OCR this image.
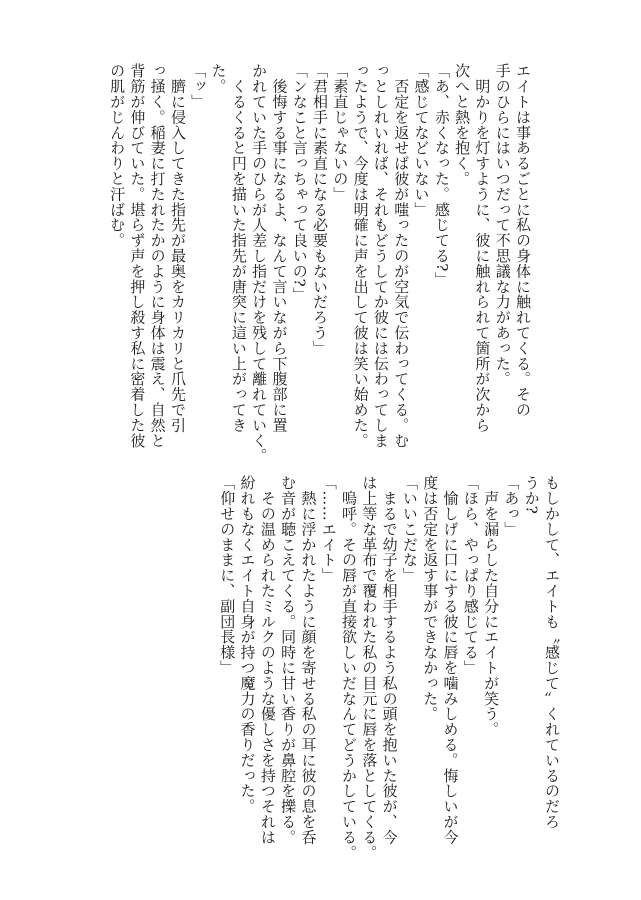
エイトは事あるごとに私の身体に触れてくる。その
手のひらにはいつだって不思議な力があった。
　明かりを灯すように、彼に触れられて箇所が次から
次へと熱を抱く。
「あ、赤くなった。感じてる?」
「感じてなどいない」
　否定を返せば彼が嗤ったのが空気で伝わってくる。む
っとしれいれば、それもどうしてか彼には伝わってしま
ったようで、今度は明確に声を出して彼は笑い始めた。
「素直じゃないの」
「君相手に素直になる必要もないだろう」
「ンなこと言っちゃって良いの?」
　後悔する事になるよ、なんて言いながら下腹部に置
かれていた手のひらが人差し指だけを残して離れていく。
　くるくると円を描いた指先が唐突に這い上がってき
た。
「ッ」
　臍に侵入してきた指先が最奥をカリカリと爪先で引
っ掻く。稲妻に打たれたかのように身体は震え、自然と
背筋が伸びていた。堪らず声を押し殺す私に密着した彼
の肌がじんわりと汗ばむ。
もしかして、エイトも〝感じて〟くれているのだろ
うか?
「あっ」
　声を漏らした自分にエイトが笑う。
「ほら、やっぱり感じてる」
　愉しげに口にする彼に唇を噛みしめる。悔しいが今
度は否定を返す事ができなかった。
「いいこだな」
　まるで幼子を相手するよう私の頭を抱いた彼が、今
は上等な革布で覆われた私の目元に唇を落としてくる。
　嗚呼。その唇が直接欲しいだなんてどうかしている。
「……エイト」
　熱に浮かれたように顔を寄せる私の耳に彼の息を呑
む音が聴こえてくる。同時に甘い香りが鼻腔を擽る。
　その温められたミルクのような優しさを持つそれは
紛れもなくエイト自身が持つ魔力の香りだった。
「仰せのままに、副団長様」
